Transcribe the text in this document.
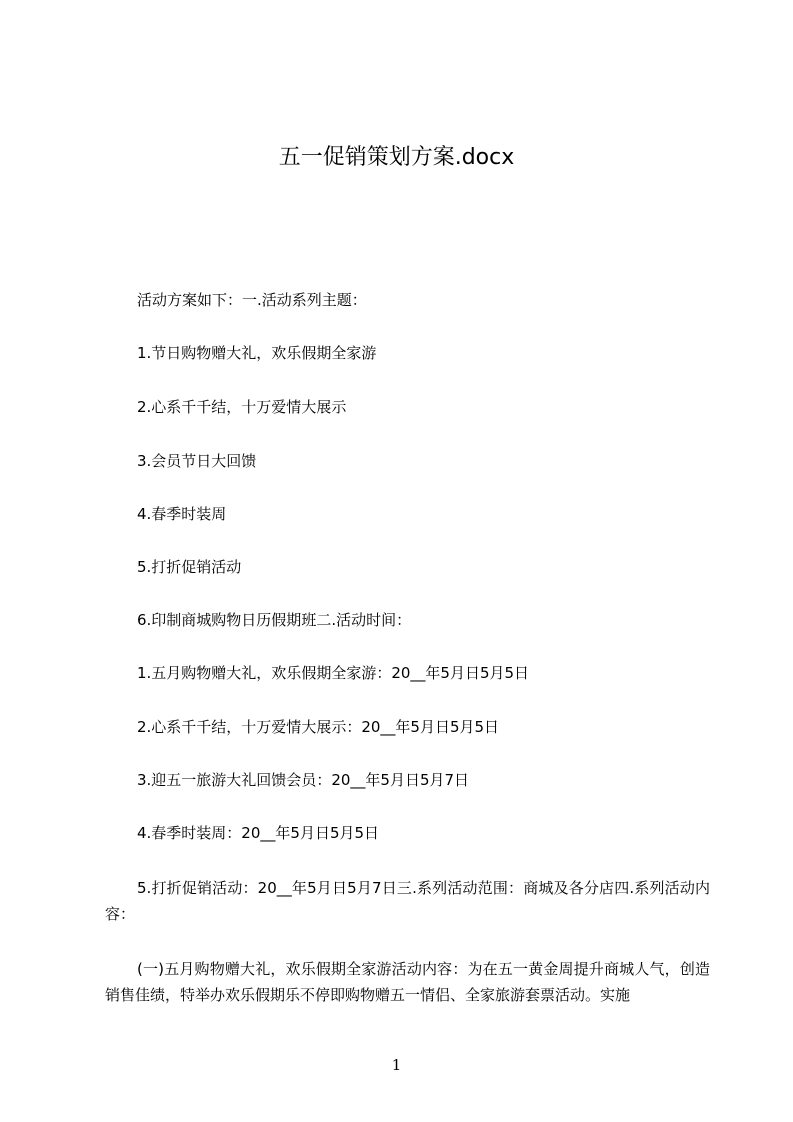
五一促销策划方案.docx
活动方案如下：一.活动系列主题：
1.节日购物赠大礼，欢乐假期全家游
2.心系千千结，十万爱情大展示
3.会员节日大回馈
4.春季时装周
5.打折促销活动
6.印制商城购物日历假期班二.活动时间：
1.五月购物赠大礼，欢乐假期全家游：20__年5月日5月5日
2.心系千千结，十万爱情大展示：20__年5月日5月5日
3.迎五一旅游大礼回馈会员：20__年5月日5月7日
4.春季时装周：20__年5月日5月5日
5.打折促销活动：20__年5月日5月7日三.系列活动范围：商城及各分店四.系列活动内容：
(一)五月购物赠大礼，欢乐假期全家游活动内容：为在五一黄金周提升商城人气，创造销售佳绩，特举办欢乐假期乐不停即购物赠五一情侣、全家旅游套票活动。实施
1
